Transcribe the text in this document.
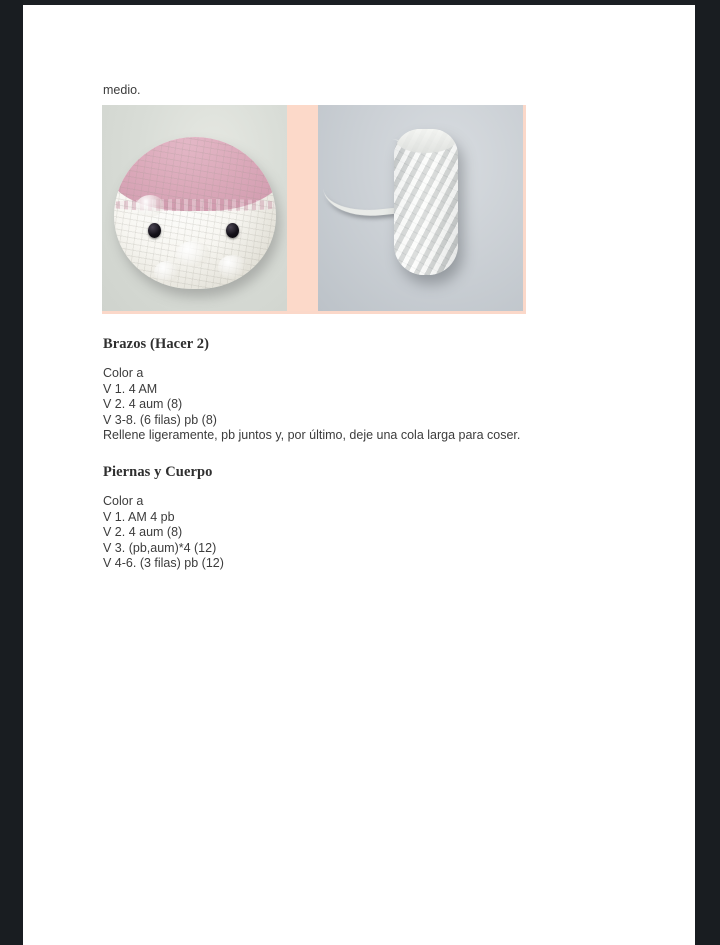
medio.

Brazos (Hacer 2)
Color a
V 1. 4 AM
V 2. 4 aum (8)
V 3-8. (6 filas) pb (8)
Rellene ligeramente, pb juntos y, por último, deje una cola larga para coser.
Piernas y Cuerpo
Color a
V 1. AM 4 pb
V 2. 4 aum (8)
V 3. (pb,aum)*4 (12)
V 4-6. (3 filas) pb (12)
